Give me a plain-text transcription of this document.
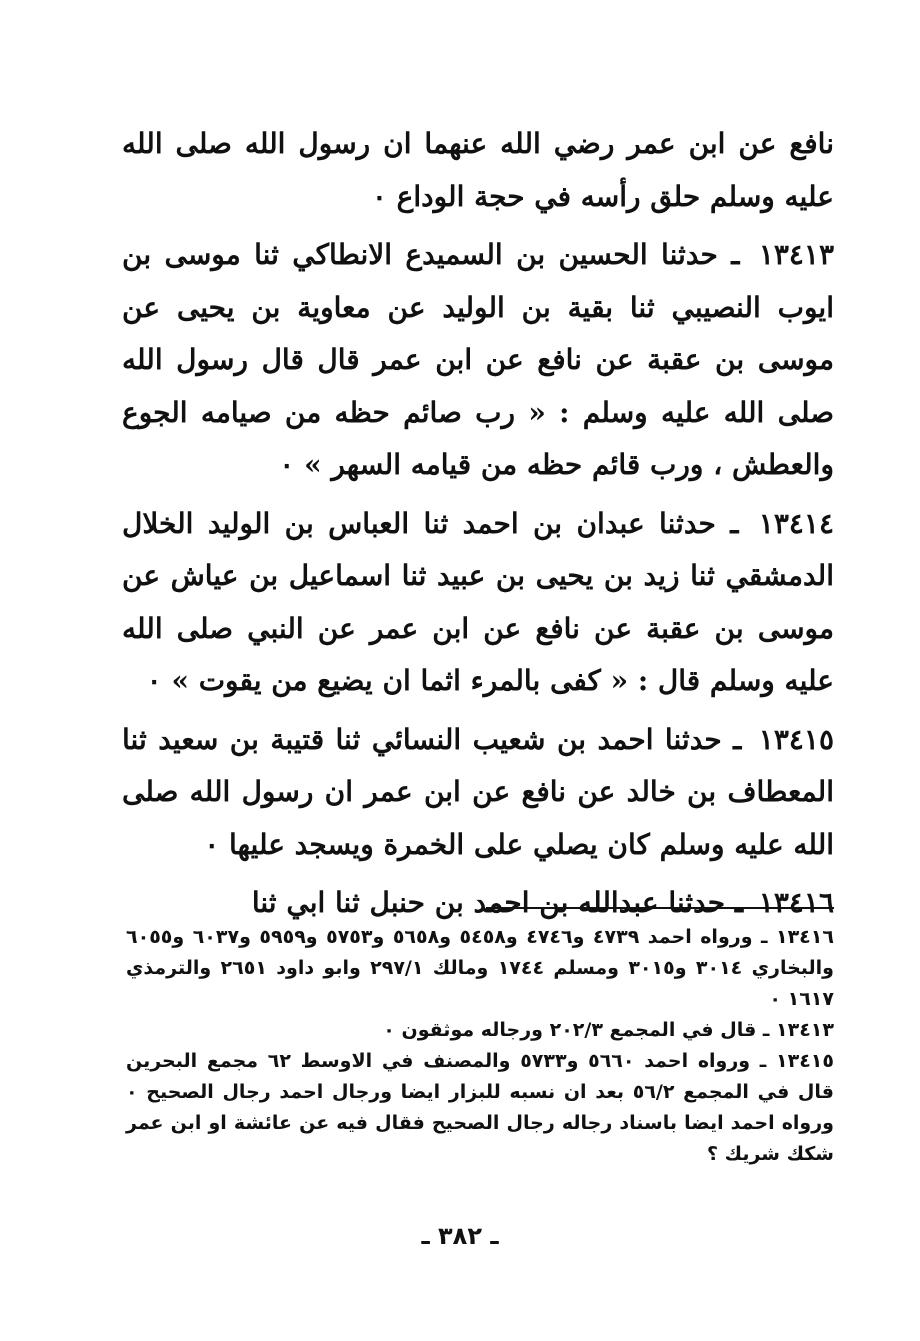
نافع عن ابن عمر رضي الله عنهما ان رسول الله صلى الله عليه وسلم حلق رأسه في حجة الوداع ٠

١٣٤١٣ ـ حدثنا الحسين بن السميدع الانطاكي ثنا موسى بن ايوب النصيبي ثنا بقية بن الوليد عن معاوية بن يحيى عن موسى بن عقبة عن نافع عن ابن عمر قال قال رسول الله صلى الله عليه وسلم : « رب صائم حظه من صيامه الجوع والعطش ، ورب قائم حظه من قيامه السهر » ٠

١٣٤١٤ ـ حدثنا عبدان بن احمد ثنا العباس بن الوليد الخلال الدمشقي ثنا زيد بن يحيى بن عبيد ثنا اسماعيل بن عياش عن موسى بن عقبة عن نافع عن ابن عمر عن النبي صلى الله عليه وسلم قال : « كفى بالمرء اثما ان يضيع من يقوت » ٠

١٣٤١٥ ـ حدثنا احمد بن شعيب النسائي ثنا قتيبة بن سعيد ثنا المعطاف بن خالد عن نافع عن ابن عمر ان رسول الله صلى الله عليه وسلم كان يصلي على الخمرة ويسجد عليها ٠

١٣٤١٦ ـ حدثنا عبدالله بن احمد بن حنبل ثنا ابي ثنا

١٣٤١٦ ـ ورواه احمد ٤٧٣٩ و٤٧٤٦ و٥٤٥٨ و٥٦٥٨ و٥٧٥٣ و٥٩٥٩ و٦٠٣٧ و٦٠٥٥ والبخاري ٣٠١٤ و٣٠١٥ ومسلم ١٧٤٤ ومالك ٢٩٧/١ وابو داود ٢٦٥١ والترمذي ١٦١٧ ٠

١٣٤١٣ ـ قال في المجمع ٢٠٢/٣ ورجاله موثقون ٠

١٣٤١٥ ـ ورواه احمد ٥٦٦٠ و٥٧٣٣ والمصنف في الاوسط ٦٢ مجمع البحرين قال في المجمع ٥٦/٢ بعد ان نسبه للبزار ايضا ورجال احمد رجال الصحيح ٠ ورواه احمد ايضا باسناد رجاله رجال الصحيح فقال فيه عن عائشة او ابن عمر شكك شريك ؟

ـ ٣٨٢ ـ
